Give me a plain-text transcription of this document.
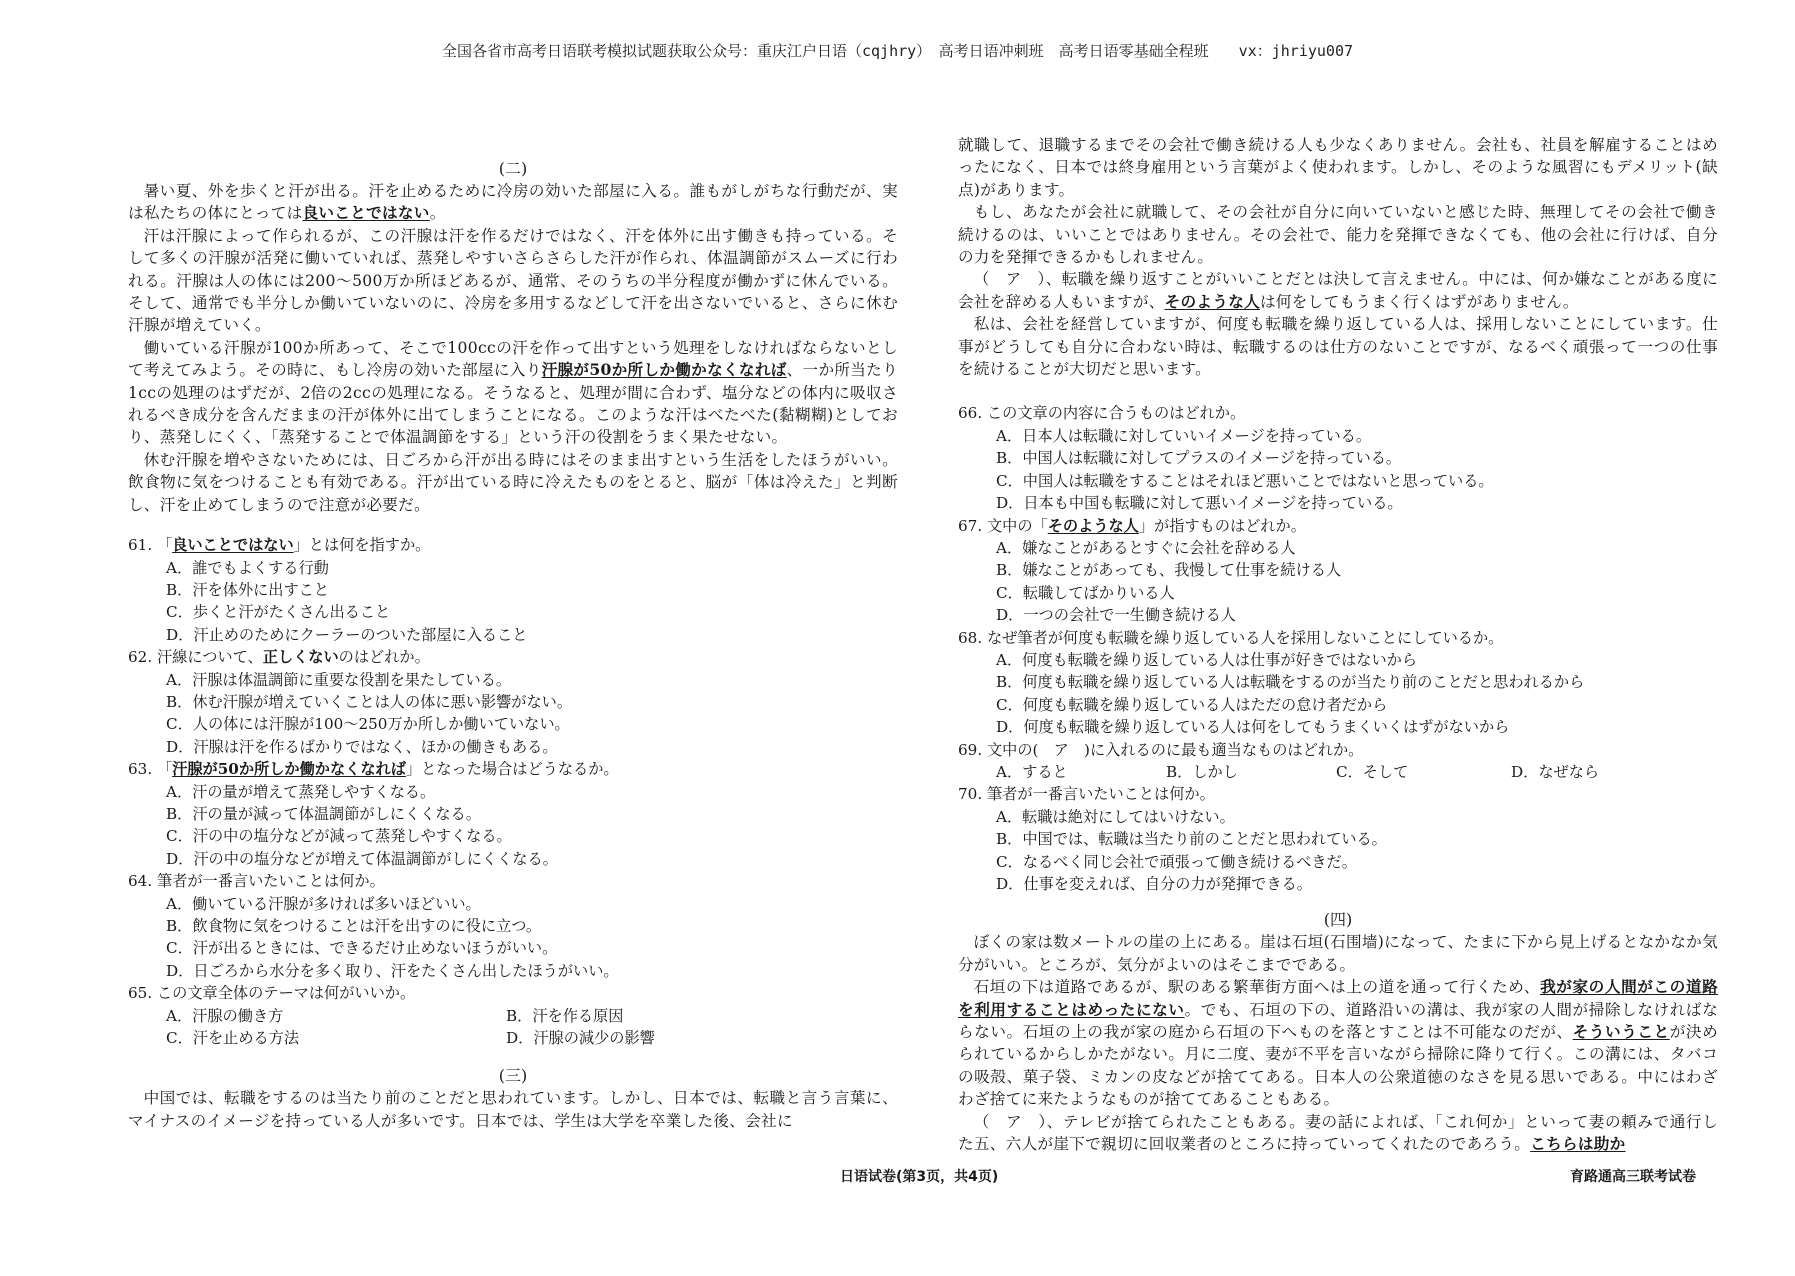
全国各省市高考日语联考模拟试题获取公众号：重庆江户日语（cqjhry）　高考日语冲刺班　高考日语零基础全程班　　vx：jhriyu007
(二)

暑い夏、外を歩くと汗が出る。汗を止めるために冷房の効いた部屋に入る。誰もがしがちな行動だが、実は私たちの体にとっては良いことではない。

汗は汗腺によって作られるが、この汗腺は汗を作るだけではなく、汗を体外に出す働きも持っている。そして多くの汗腺が活発に働いていれば、蒸発しやすいさらさらした汗が作られ、体温調節がスムーズに行われる。汗腺は人の体には200～500万か所ほどあるが、通常、そのうちの半分程度が働かずに休んでいる。そして、通常でも半分しか働いていないのに、冷房を多用するなどして汗を出さないでいると、さらに休む汗腺が増えていく。

働いている汗腺が100か所あって、そこで100ccの汗を作って出すという処理をしなければならないとして考えてみよう。その時に、もし冷房の効いた部屋に入り汗腺が50か所しか働かなくなれば、一か所当たり1ccの処理のはずだが、2倍の2ccの処理になる。そうなると、処理が間に合わず、塩分などの体内に吸収されるべき成分を含んだままの汗が体外に出てしまうことになる。このような汗はべたべた(黏糊糊)としており、蒸発しにくく、「蒸発することで体温調節をする」という汗の役割をうまく果たせない。

休む汗腺を増やさないためには、日ごろから汗が出る時にはそのまま出すという生活をしたほうがいい。飲食物に気をつけることも有効である。汗が出ている時に冷えたものをとると、脳が「体は冷えた」と判断し、汗を止めてしまうので注意が必要だ。

61. 「良いことではない」とは何を指すか。

A．誰でもよくする行動

B．汗を体外に出すこと

C．歩くと汗がたくさん出ること

D．汗止めのためにクーラーのついた部屋に入ること

62. 汗線について、正しくないのはどれか。

A．汗腺は体温調節に重要な役割を果たしている。

B．休む汗腺が増えていくことは人の体に悪い影響がない。

C．人の体には汗腺が100～250万か所しか働いていない。

D．汗腺は汗を作るばかりではなく、ほかの働きもある。

63. 「汗腺が50か所しか働かなくなれば」となった場合はどうなるか。

A．汗の量が増えて蒸発しやすくなる。

B．汗の量が減って体温調節がしにくくなる。

C．汗の中の塩分などが減って蒸発しやすくなる。

D．汗の中の塩分などが増えて体温調節がしにくくなる。

64. 筆者が一番言いたいことは何か。

A．働いている汗腺が多ければ多いほどいい。

B．飲食物に気をつけることは汗を出すのに役に立つ。

C．汗が出るときには、できるだけ止めないほうがいい。

D．日ごろから水分を多く取り、汗をたくさん出したほうがいい。

65. この文章全体のテーマは何がいいか。

A．汗腺の働き方	B．汗を作る原因
C．汗を止める方法	D．汗腺の減少の影響
(三)

中国では、転職をするのは当たり前のことだと思われています。しかし、日本では、転職と言う言葉に、マイナスのイメージを持っている人が多いです。日本では、学生は大学を卒業した後、会社に

就職して、退職するまでその会社で働き続ける人も少なくありません。会社も、社員を解雇することはめったになく、日本では終身雇用という言葉がよく使われます。しかし、そのような風習にもデメリット(缺点)があります。

もし、あなたが会社に就職して、その会社が自分に向いていないと感じた時、無理してその会社で働き続けるのは、いいことではありません。その会社で、能力を発揮できなくても、他の会社に行けば、自分の力を発揮できるかもしれません。

（　ア　）、転職を繰り返すことがいいことだとは決して言えません。中には、何か嫌なことがある度に会社を辞める人もいますが、そのような人は何をしてもうまく行くはずがありません。

私は、会社を経営していますが、何度も転職を繰り返している人は、採用しないことにしています。仕事がどうしても自分に合わない時は、転職するのは仕方のないことですが、なるべく頑張って一つの仕事を続けることが大切だと思います。

66. この文章の内容に合うものはどれか。

A．日本人は転職に対していいイメージを持っている。

B．中国人は転職に対してプラスのイメージを持っている。

C．中国人は転職をすることはそれほど悪いことではないと思っている。

D．日本も中国も転職に対して悪いイメージを持っている。

67. 文中の「そのような人」が指すものはどれか。

A．嫌なことがあるとすぐに会社を辞める人

B．嫌なことがあっても、我慢して仕事を続ける人

C．転職してばかりいる人

D．一つの会社で一生働き続ける人

68. なぜ筆者が何度も転職を繰り返している人を採用しないことにしているか。

A．何度も転職を繰り返している人は仕事が好きではないから

B．何度も転職を繰り返している人は転職をするのが当たり前のことだと思われるから

C．何度も転職を繰り返している人はただの怠け者だから

D．何度も転職を繰り返している人は何をしてもうまくいくはずがないから

69. 文中の(　ア　)に入れるのに最も適当なものはどれか。

A．すると	B．しかし	C．そして	D．なぜなら

70. 筆者が一番言いたいことは何か。

A．転職は絶対にしてはいけない。

B．中国では、転職は当たり前のことだと思われている。

C．なるべく同じ会社で頑張って働き続けるべきだ。

D．仕事を変えれば、自分の力が発揮できる。

(四)

ぼくの家は数メートルの崖の上にある。崖は石垣(石围墙)になって、たまに下から見上げるとなかなか気分がいい。ところが、気分がよいのはそこまでである。

石垣の下は道路であるが、駅のある繁華街方面へは上の道を通って行くため、我が家の人間がこの道路を利用することはめったにない。でも、石垣の下の、道路沿いの溝は、我が家の人間が掃除しなければならない。石垣の上の我が家の庭から石垣の下へものを落とすことは不可能なのだが、そういうことが決められているからしかたがない。月に二度、妻が不平を言いながら掃除に降りて行く。この溝には、タバコの吸殻、菓子袋、ミカンの皮などが捨ててある。日本人の公衆道徳のなさを見る思いである。中にはわざわざ捨てに来たようなものが捨ててあることもある。

（　ア　）、テレビが捨てられたこともある。妻の話によれば、「これ何か」といって妻の頼みで通行した五、六人が崖下で親切に回収業者のところに持っていってくれたのであろう。こちらは助か

日语试卷(第3页，共4页)	育路通高三联考试卷
